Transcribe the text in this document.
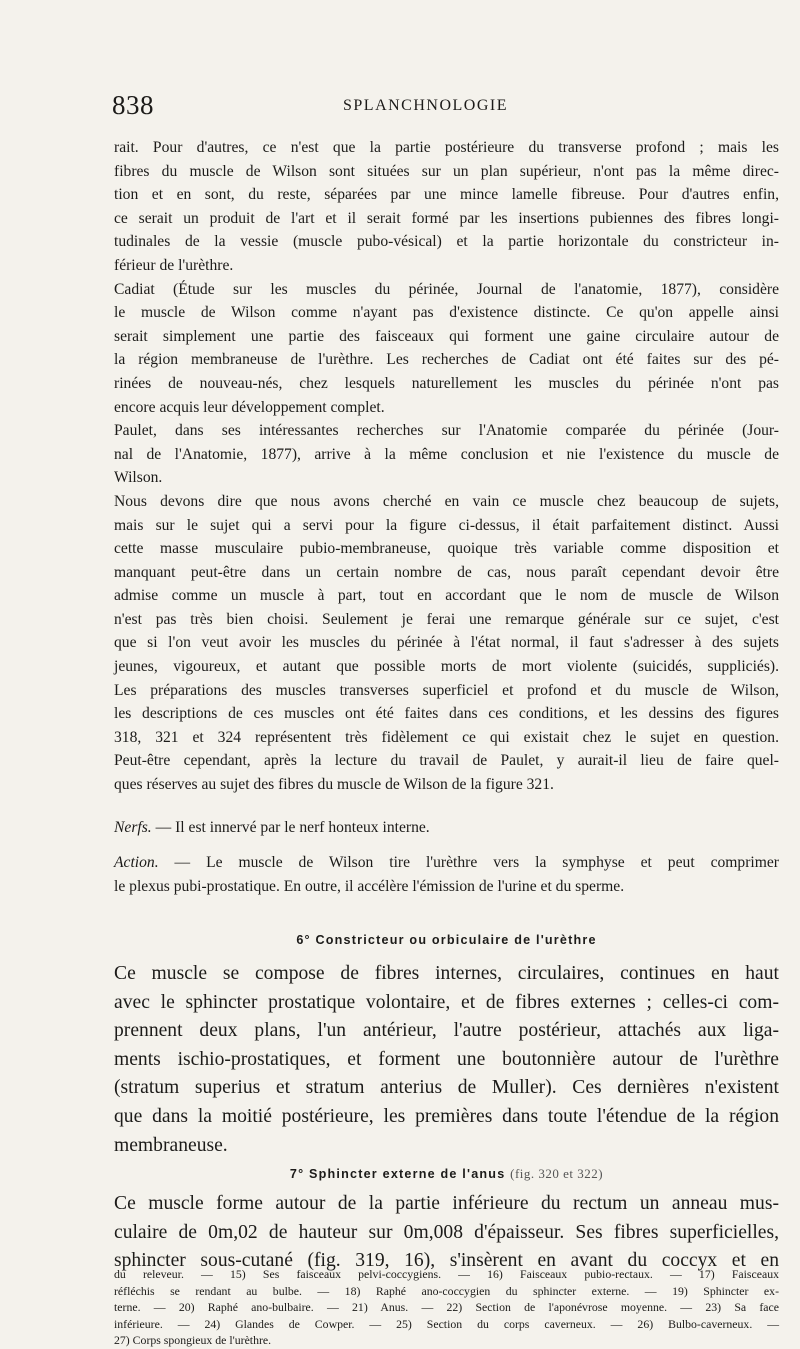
838	SPLANCHNOLOGIE
rait. Pour d'autres, ce n'est que la partie postérieure du transverse profond ; mais les
fibres du muscle de Wilson sont situées sur un plan supérieur, n'ont pas la même direc-
tion et en sont, du reste, séparées par une mince lamelle fibreuse. Pour d'autres enfin,
ce serait un produit de l'art et il serait formé par les insertions pubiennes des fibres longi-
tudinales de la vessie (muscle pubo-vésical) et la partie horizontale du constricteur in-
férieur de l'urèthre.
Cadiat (Étude sur les muscles du périnée, Journal de l'anatomie, 1877), considère
le muscle de Wilson comme n'ayant pas d'existence distincte. Ce qu'on appelle ainsi
serait simplement une partie des faisceaux qui forment une gaine circulaire autour de
la région membraneuse de l'urèthre. Les recherches de Cadiat ont été faites sur des pé-
rinées de nouveau-nés, chez lesquels naturellement les muscles du périnée n'ont pas
encore acquis leur développement complet.
Paulet, dans ses intéressantes recherches sur l'Anatomie comparée du périnée (Jour-
nal de l'Anatomie, 1877), arrive à la même conclusion et nie l'existence du muscle de
Wilson.
Nous devons dire que nous avons cherché en vain ce muscle chez beaucoup de sujets,
mais sur le sujet qui a servi pour la figure ci-dessus, il était parfaitement distinct. Aussi
cette masse musculaire pubio-membraneuse, quoique très variable comme disposition et
manquant peut-être dans un certain nombre de cas, nous paraît cependant devoir être
admise comme un muscle à part, tout en accordant que le nom de muscle de Wilson
n'est pas très bien choisi. Seulement je ferai une remarque générale sur ce sujet, c'est
que si l'on veut avoir les muscles du périnée à l'état normal, il faut s'adresser à des sujets
jeunes, vigoureux, et autant que possible morts de mort violente (suicidés, suppliciés).
Les préparations des muscles transverses superficiel et profond et du muscle de Wilson,
les descriptions de ces muscles ont été faites dans ces conditions, et les dessins des figures
318, 321 et 324 représentent très fidèlement ce qui existait chez le sujet en question.
Peut-être cependant, après la lecture du travail de Paulet, y aurait-il lieu de faire quel-
ques réserves au sujet des fibres du muscle de Wilson de la figure 321.
Nerfs. — Il est innervé par le nerf honteux interne.
Action. — Le muscle de Wilson tire l'urèthre vers la symphyse et peut comprimer
le plexus pubi-prostatique. En outre, il accélère l'émission de l'urine et du sperme.
6° Constricteur ou orbiculaire de l'urèthre
Ce muscle se compose de fibres internes, circulaires, continues en haut
avec le sphincter prostatique volontaire, et de fibres externes ; celles-ci com-
prennent deux plans, l'un antérieur, l'autre postérieur, attachés aux liga-
ments ischio-prostatiques, et forment une boutonnière autour de l'urèthre
(stratum superius et stratum anterius de Muller). Ces dernières n'existent
que dans la moitié postérieure, les premières dans toute l'étendue de la région
membraneuse.
7° Sphincter externe de l'anus (fig. 320 et 322)
Ce muscle forme autour de la partie inférieure du rectum un anneau mus-
culaire de 0m,02 de hauteur sur 0m,008 d'épaisseur. Ses fibres superficielles,
sphincter sous-cutané (fig. 319, 16), s'insèrent en avant du coccyx et en
du releveur. — 15) Ses faisceaux pelvi-coccygiens. — 16) Faisceaux pubio-rectaux. — 17) Faisceaux
réfléchis se rendant au bulbe. — 18) Raphé ano-coccygien du sphincter externe. — 19) Sphincter ex-
terne. — 20) Raphé ano-bulbaire. — 21) Anus. — 22) Section de l'aponévrose moyenne. — 23) Sa face
inférieure. — 24) Glandes de Cowper. — 25) Section du corps caverneux. — 26) Bulbo-caverneux. —
27) Corps spongieux de l'urèthre.
